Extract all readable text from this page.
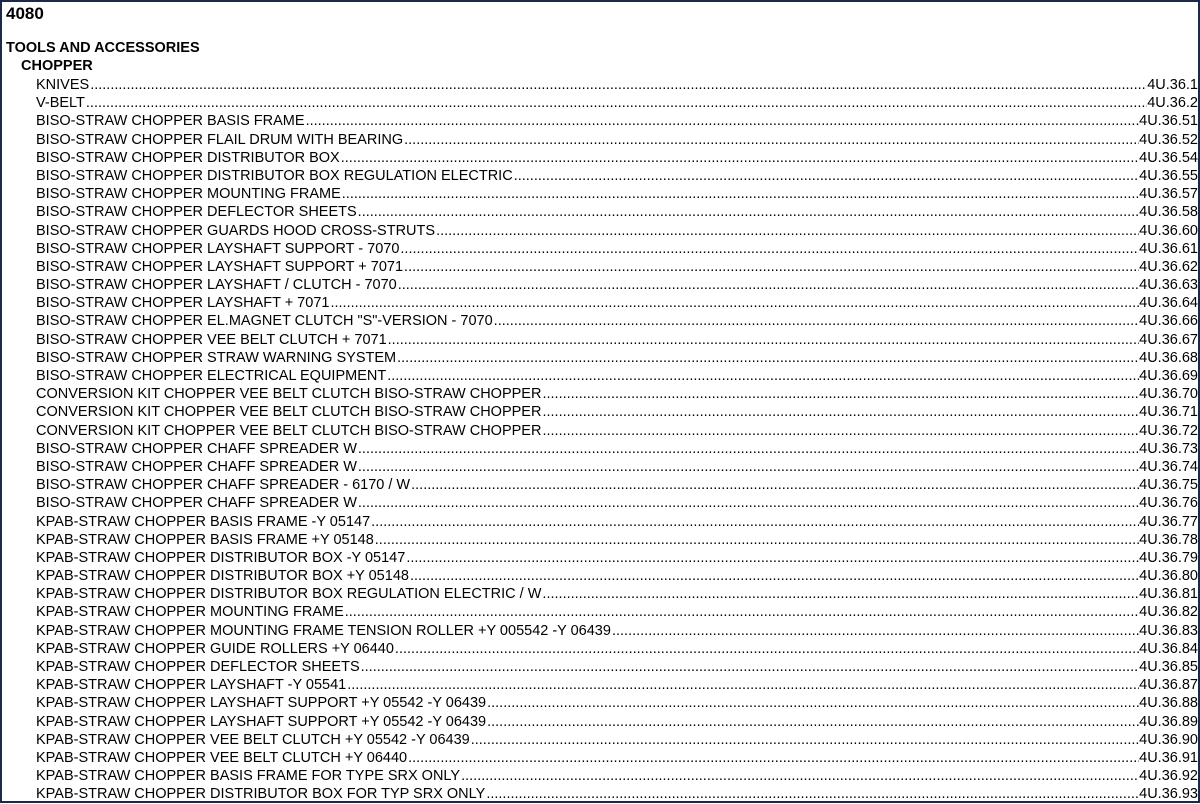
4080
TOOLS AND ACCESSORIES
CHOPPER
KNIVES .....	4U.36.1
V-BELT .....	4U.36.2
BISO-STRAW CHOPPER BASIS FRAME .....	4U.36.51
BISO-STRAW CHOPPER FLAIL DRUM WITH BEARING .....	4U.36.52
BISO-STRAW CHOPPER DISTRIBUTOR BOX .....	4U.36.54
BISO-STRAW CHOPPER DISTRIBUTOR BOX REGULATION ELECTRIC .....	4U.36.55
BISO-STRAW CHOPPER MOUNTING FRAME .....	4U.36.57
BISO-STRAW CHOPPER DEFLECTOR SHEETS .....	4U.36.58
BISO-STRAW CHOPPER GUARDS HOOD CROSS-STRUTS .....	4U.36.60
BISO-STRAW CHOPPER LAYSHAFT SUPPORT - 7070 .....	4U.36.61
BISO-STRAW CHOPPER LAYSHAFT SUPPORT + 7071 .....	4U.36.62
BISO-STRAW CHOPPER LAYSHAFT / CLUTCH - 7070 .....	4U.36.63
BISO-STRAW CHOPPER LAYSHAFT + 7071 .....	4U.36.64
BISO-STRAW CHOPPER EL.MAGNET CLUTCH "S"-VERSION - 7070 .....	4U.36.66
BISO-STRAW CHOPPER VEE BELT CLUTCH + 7071 .....	4U.36.67
BISO-STRAW CHOPPER STRAW WARNING SYSTEM .....	4U.36.68
BISO-STRAW CHOPPER ELECTRICAL EQUIPMENT .....	4U.36.69
CONVERSION KIT CHOPPER VEE BELT CLUTCH BISO-STRAW CHOPPER .....	4U.36.70
CONVERSION KIT CHOPPER VEE BELT CLUTCH BISO-STRAW CHOPPER .....	4U.36.71
CONVERSION KIT CHOPPER VEE BELT CLUTCH BISO-STRAW CHOPPER .....	4U.36.72
BISO-STRAW CHOPPER CHAFF SPREADER W .....	4U.36.73
BISO-STRAW CHOPPER CHAFF SPREADER W .....	4U.36.74
BISO-STRAW CHOPPER CHAFF SPREADER - 6170 / W .....	4U.36.75
BISO-STRAW CHOPPER CHAFF SPREADER W .....	4U.36.76
KPAB-STRAW CHOPPER BASIS FRAME -Y 05147 .....	4U.36.77
KPAB-STRAW CHOPPER BASIS FRAME +Y 05148 .....	4U.36.78
KPAB-STRAW CHOPPER DISTRIBUTOR BOX -Y 05147 .....	4U.36.79
KPAB-STRAW CHOPPER DISTRIBUTOR BOX +Y 05148 .....	4U.36.80
KPAB-STRAW CHOPPER DISTRIBUTOR BOX REGULATION ELECTRIC / W .....	4U.36.81
KPAB-STRAW CHOPPER MOUNTING FRAME .....	4U.36.82
KPAB-STRAW CHOPPER MOUNTING FRAME TENSION ROLLER +Y 005542 -Y 06439 .....	4U.36.83
KPAB-STRAW CHOPPER GUIDE ROLLERS +Y 06440 .....	4U.36.84
KPAB-STRAW CHOPPER DEFLECTOR SHEETS .....	4U.36.85
KPAB-STRAW CHOPPER LAYSHAFT -Y 05541 .....	4U.36.87
KPAB-STRAW CHOPPER LAYSHAFT SUPPORT +Y 05542 -Y 06439 .....	4U.36.88
KPAB-STRAW CHOPPER LAYSHAFT SUPPORT +Y 05542 -Y 06439 .....	4U.36.89
KPAB-STRAW CHOPPER VEE BELT CLUTCH +Y 05542 -Y 06439 .....	4U.36.90
KPAB-STRAW CHOPPER VEE BELT CLUTCH +Y 06440 .....	4U.36.91
KPAB-STRAW CHOPPER BASIS FRAME FOR TYPE SRX ONLY .....	4U.36.92
KPAB-STRAW CHOPPER DISTRIBUTOR BOX FOR TYP SRX ONLY .....	4U.36.93
